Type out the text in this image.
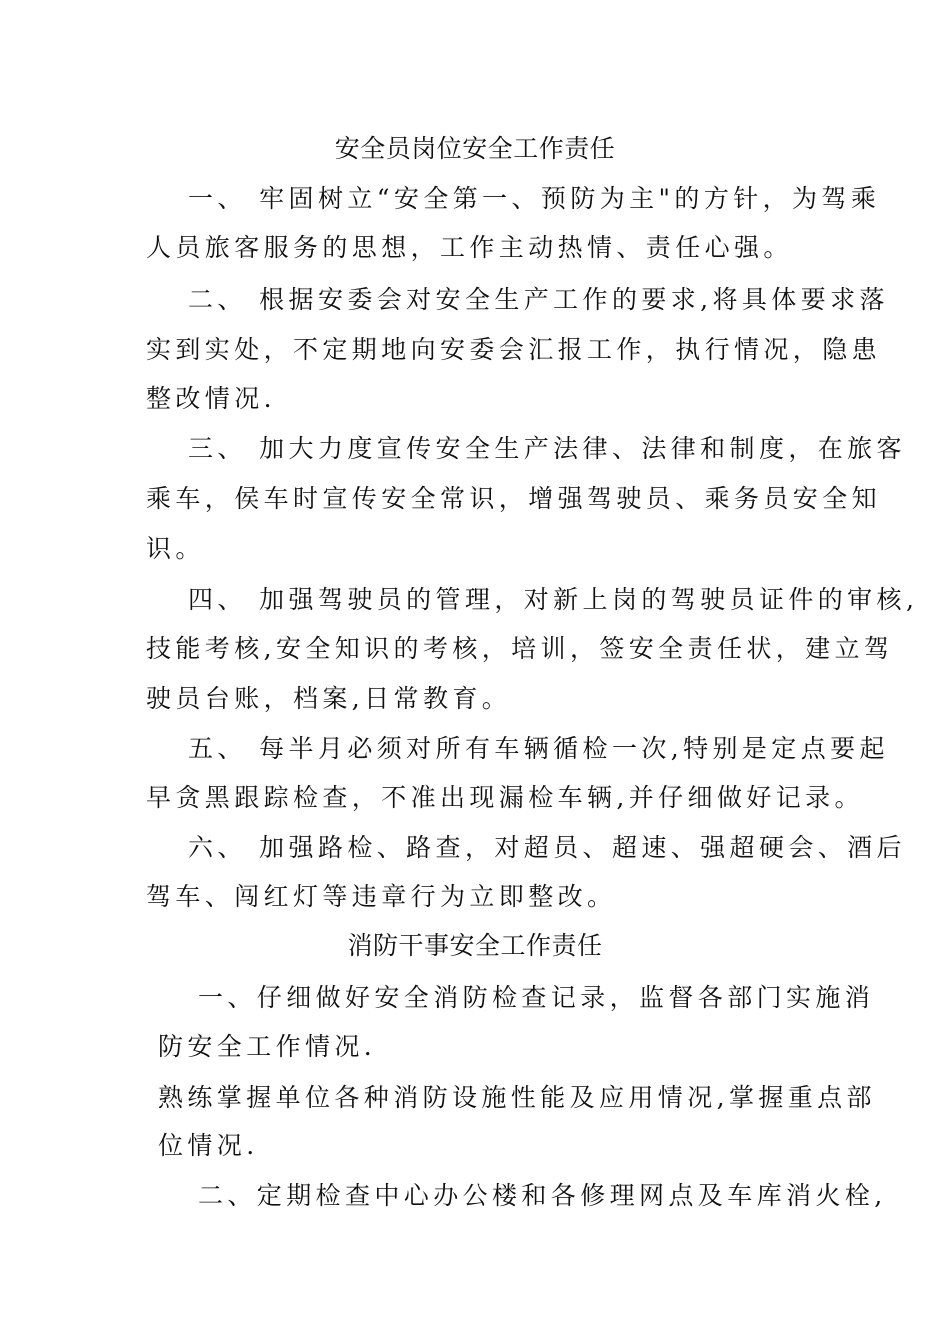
安全员岗位安全工作责任
一、 牢固树立“安全第一、预防为主"的方针，为驾乘
人员旅客服务的思想，工作主动热情、责任心强。
二、 根据安委会对安全生产工作的要求,将具体要求落
实到实处，不定期地向安委会汇报工作，执行情况，隐患
整改情况.
三、 加大力度宣传安全生产法律、法律和制度，在旅客
乘车，侯车时宣传安全常识，增强驾驶员、乘务员安全知
识。
四、 加强驾驶员的管理，对新上岗的驾驶员证件的审核,
技能考核,安全知识的考核，培训，签安全责任状，建立驾
驶员台账，档案,日常教育。
五、 每半月必须对所有车辆循检一次,特别是定点要起
早贪黑跟踪检查，不准出现漏检车辆,并仔细做好记录。
六、 加强路检、路查，对超员、超速、强超硬会、酒后
驾车、闯红灯等违章行为立即整改。
消防干事安全工作责任
一、仔细做好安全消防检查记录，监督各部门实施消
防安全工作情况.
熟练掌握单位各种消防设施性能及应用情况,掌握重点部
位情况.
二、定期检查中心办公楼和各修理网点及车库消火栓,
